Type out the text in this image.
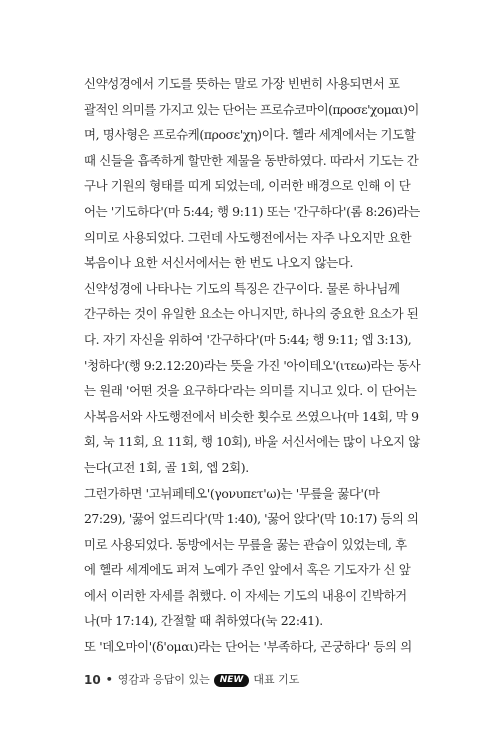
신약성경에서 기도를 뜻하는 말로 가장 빈번히 사용되면서 포
괄적인 의미를 가지고 있는 단어는 프로슈코마이(προσε'χομαι)이
며, 명사형은 프로슈케(προσε'χη)이다. 헬라 세계에서는 기도할
때 신들을 흡족하게 할만한 제물을 동반하였다. 따라서 기도는 간
구나 기원의 형태를 띠게 되었는데, 이러한 배경으로 인해 이 단
어는 '기도하다'(마 5:44; 행 9:11) 또는 '간구하다'(롬 8:26)라는
의미로 사용되었다. 그런데 사도행전에서는 자주 나오지만 요한
복음이나 요한 서신서에서는 한 번도 나오지 않는다.
신약성경에 나타나는 기도의 특징은 간구이다. 물론 하나님께
간구하는 것이 유일한 요소는 아니지만, 하나의 중요한 요소가 된
다. 자기 자신을 위하여 '간구하다'(마 5:44; 행 9:11; 엡 3:13),
'청하다'(행 9:2.12:20)라는 뜻을 가진 '아이테오'(ιτεω)라는 동사
는 원래 '어떤 것을 요구하다'라는 의미를 지니고 있다. 이 단어는
사복음서와 사도행전에서 비슷한 횟수로 쓰였으나(마 14회, 막 9
회, 눅 11회, 요 11회, 행 10회), 바울 서신서에는 많이 나오지 않
는다(고전 1회, 골 1회, 엡 2회).
그런가하면 '고뉘페테오'(γονυπετ'ω)는 '무릎을 꿇다'(마
27:29), '꿇어 엎드리다'(막 1:40), '꿇어 앉다'(막 10:17) 등의 의
미로 사용되었다. 동방에서는 무릎을 꿇는 관습이 있었는데, 후
에 헬라 세계에도 퍼져 노예가 주인 앞에서 혹은 기도자가 신 앞
에서 이러한 자세를 취했다. 이 자세는 기도의 내용이 긴박하거
나(마 17:14), 간절할 때 취하였다(눅 22:41).
또 '데오마이'(δ'ομαι)라는 단어는 '부족하다, 곤궁하다' 등의 의
10 • 영감과 응답이 있는	NEW 대표 기도
